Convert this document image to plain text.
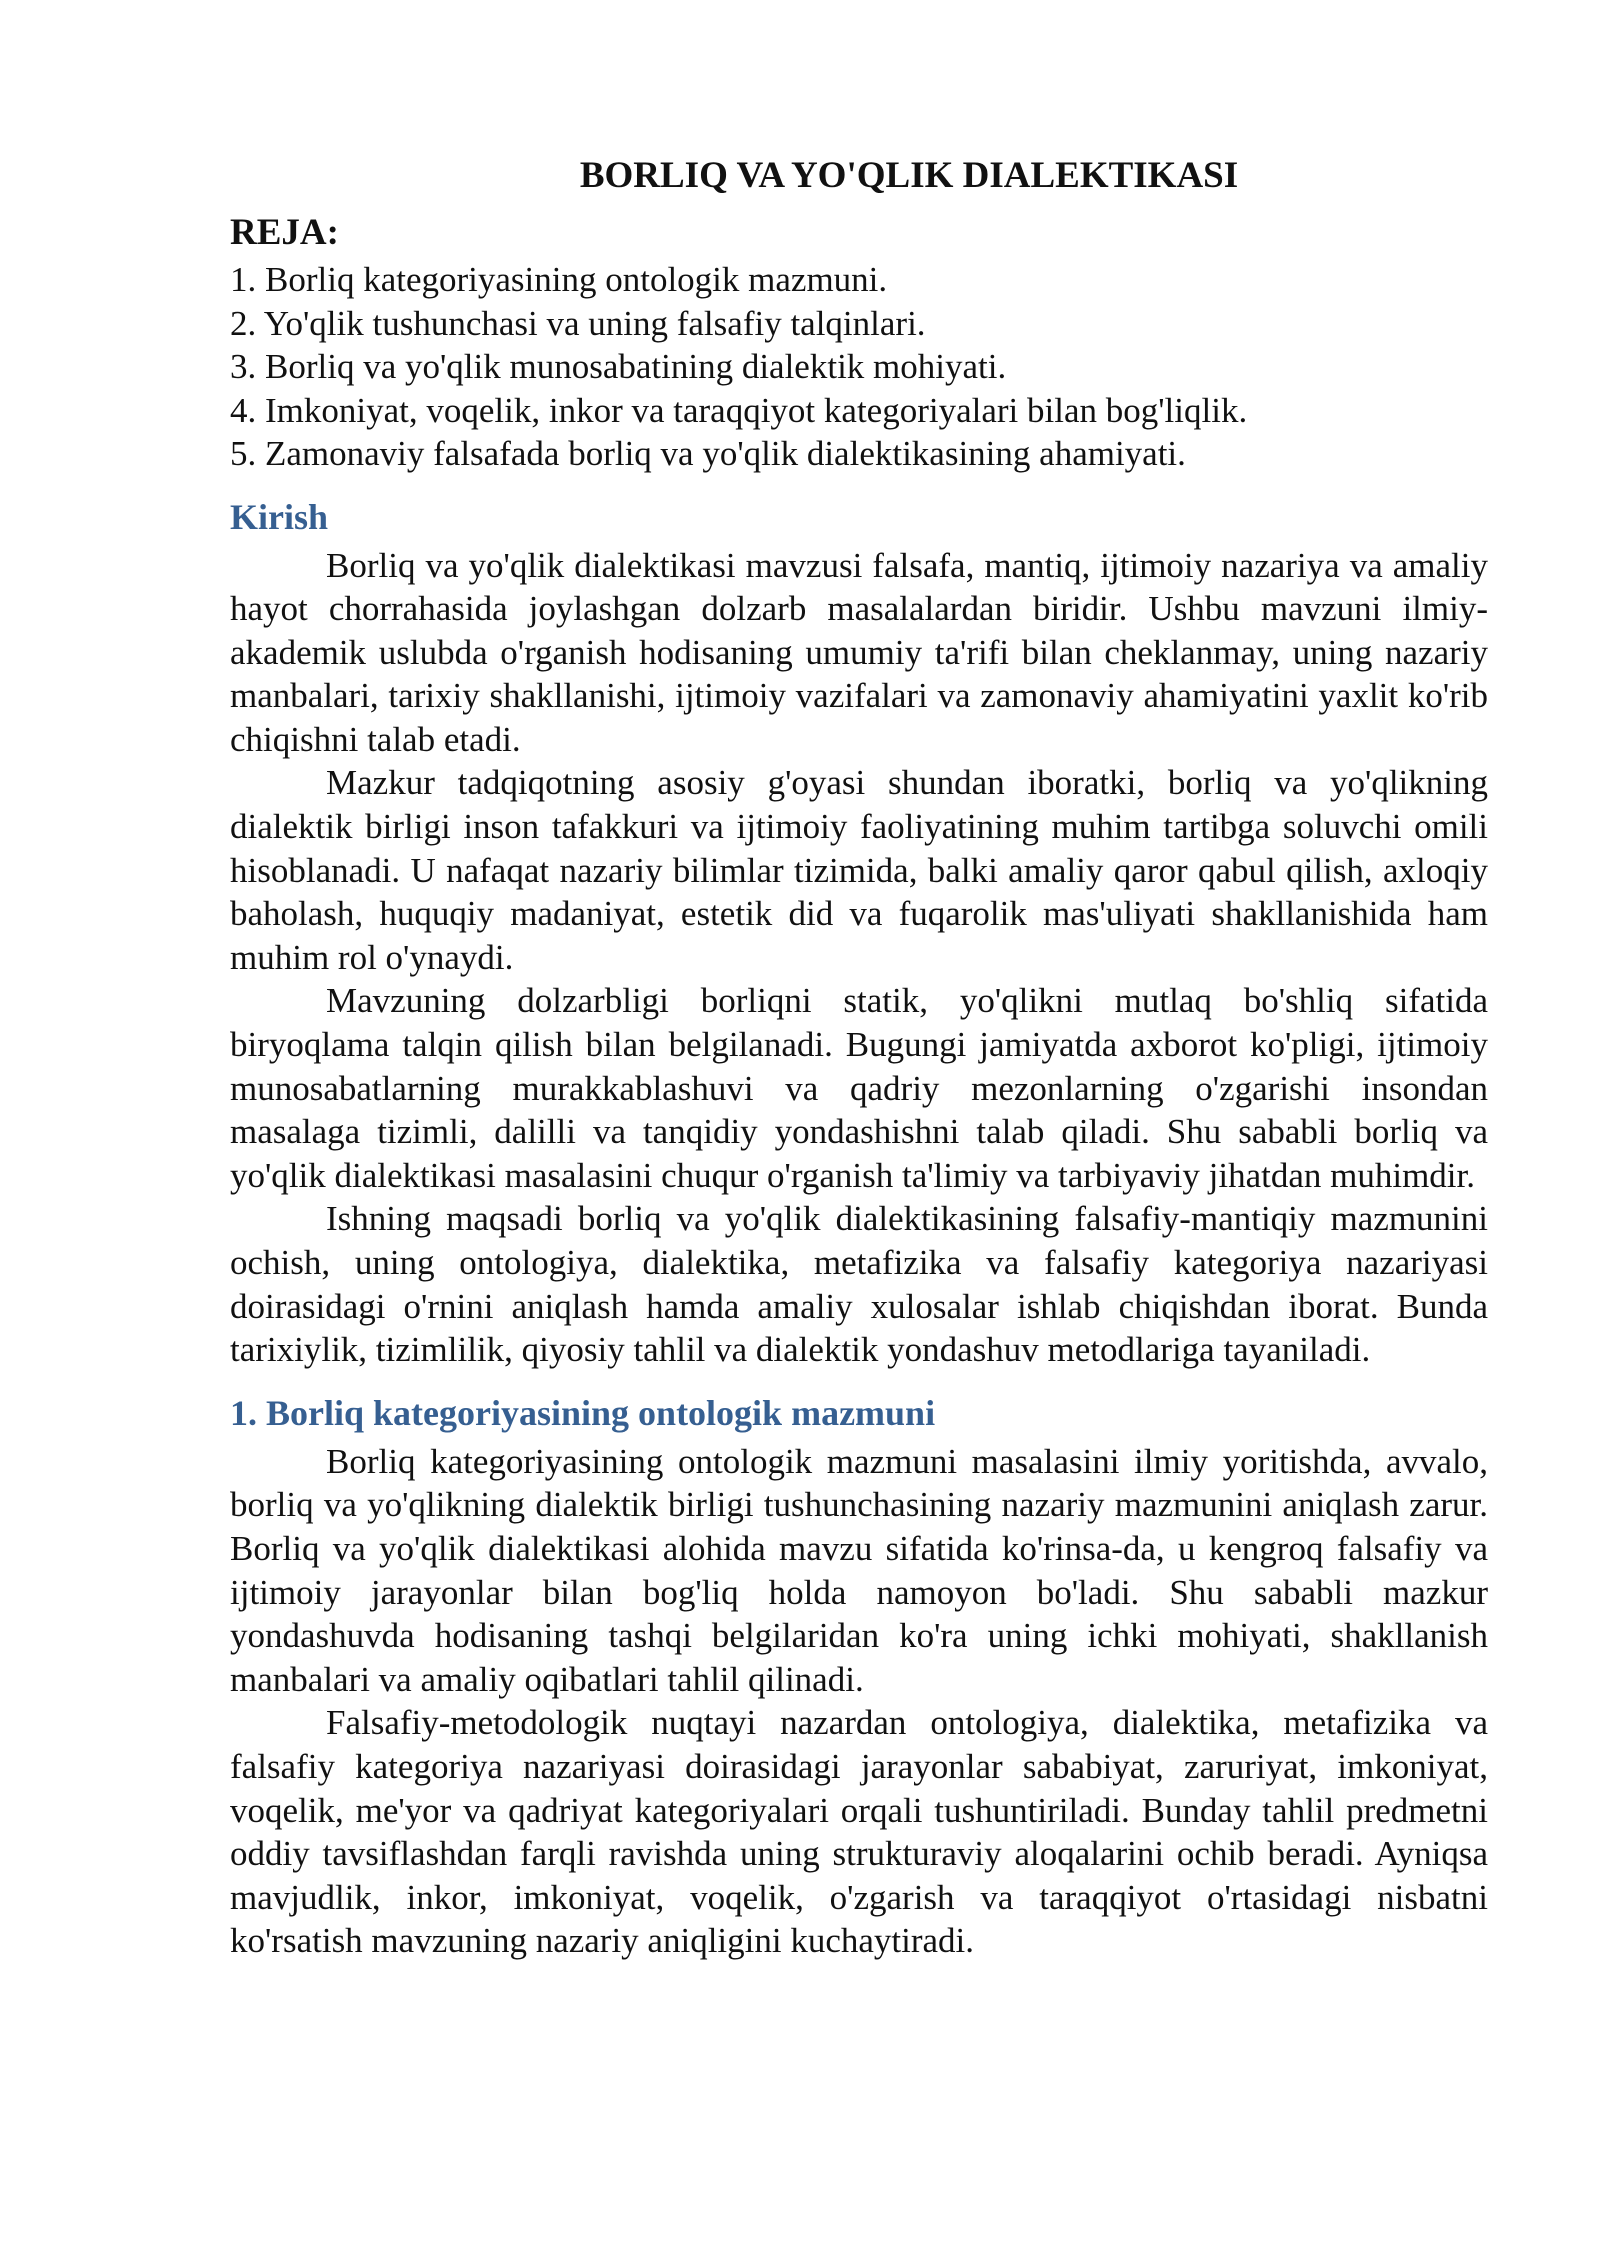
BORLIQ VA YO'QLIK DIALEKTIKASI
REJA:
1. Borliq kategoriyasining ontologik mazmuni.
2. Yo'qlik tushunchasi va uning falsafiy talqinlari.
3. Borliq va yo'qlik munosabatining dialektik mohiyati.
4. Imkoniyat, voqelik, inkor va taraqqiyot kategoriyalari bilan bog'liqlik.
5. Zamonaviy falsafada borliq va yo'qlik dialektikasining ahamiyati.
Kirish

Borliq va yo'qlik dialektikasi mavzusi falsafa, mantiq, ijtimoiy nazariya va amaliy hayot chorrahasida joylashgan dolzarb masalalardan biridir. Ushbu mavzuni ilmiy-akademik uslubda o'rganish hodisaning umumiy ta'rifi bilan cheklanmay, uning nazariy manbalari, tarixiy shakllanishi, ijtimoiy vazifalari va zamonaviy ahamiyatini yaxlit ko'rib chiqishni talab etadi.

Mazkur tadqiqotning asosiy g'oyasi shundan iboratki, borliq va yo'qlikning dialektik birligi inson tafakkuri va ijtimoiy faoliyatining muhim tartibga soluvchi omili hisoblanadi. U nafaqat nazariy bilimlar tizimida, balki amaliy qaror qabul qilish, axloqiy baholash, huquqiy madaniyat, estetik did va fuqarolik mas'uliyati shakllanishida ham muhim rol o'ynaydi.

Mavzuning dolzarbligi borliqni statik, yo'qlikni mutlaq bo'shliq sifatida biryoqlama talqin qilish bilan belgilanadi. Bugungi jamiyatda axborot ko'pligi, ijtimoiy munosabatlarning murakkablashuvi va qadriy mezonlarning o'zgarishi insondan masalaga tizimli, dalilli va tanqidiy yondashishni talab qiladi. Shu sababli borliq va yo'qlik dialektikasi masalasini chuqur o'rganish ta'limiy va tarbiyaviy jihatdan muhimdir.

Ishning maqsadi borliq va yo'qlik dialektikasining falsafiy-mantiqiy mazmunini ochish, uning ontologiya, dialektika, metafizika va falsafiy kategoriya nazariyasi doirasidagi o'rnini aniqlash hamda amaliy xulosalar ishlab chiqishdan iborat. Bunda tarixiylik, tizimlilik, qiyosiy tahlil va dialektik yondashuv metodlariga tayaniladi.

1. Borliq kategoriyasining ontologik mazmuni

Borliq kategoriyasining ontologik mazmuni masalasini ilmiy yoritishda, avvalo, borliq va yo'qlikning dialektik birligi tushunchasining nazariy mazmunini aniqlash zarur. Borliq va yo'qlik dialektikasi alohida mavzu sifatida ko'rinsa-da, u kengroq falsafiy va ijtimoiy jarayonlar bilan bog'liq holda namoyon bo'ladi. Shu sababli mazkur yondashuvda hodisaning tashqi belgilaridan ko'ra uning ichki mohiyati, shakllanish manbalari va amaliy oqibatlari tahlil qilinadi.

Falsafiy-metodologik nuqtayi nazardan ontologiya, dialektika, metafizika va falsafiy kategoriya nazariyasi doirasidagi jarayonlar sababiyat, zaruriyat, imkoniyat, voqelik, me'yor va qadriyat kategoriyalari orqali tushuntiriladi. Bunday tahlil predmetni oddiy tavsiflashdan farqli ravishda uning strukturaviy aloqalarini ochib beradi. Ayniqsa mavjudlik, inkor, imkoniyat, voqelik, o'zgarish va taraqqiyot o'rtasidagi nisbatni ko'rsatish mavzuning nazariy aniqligini kuchaytiradi.
